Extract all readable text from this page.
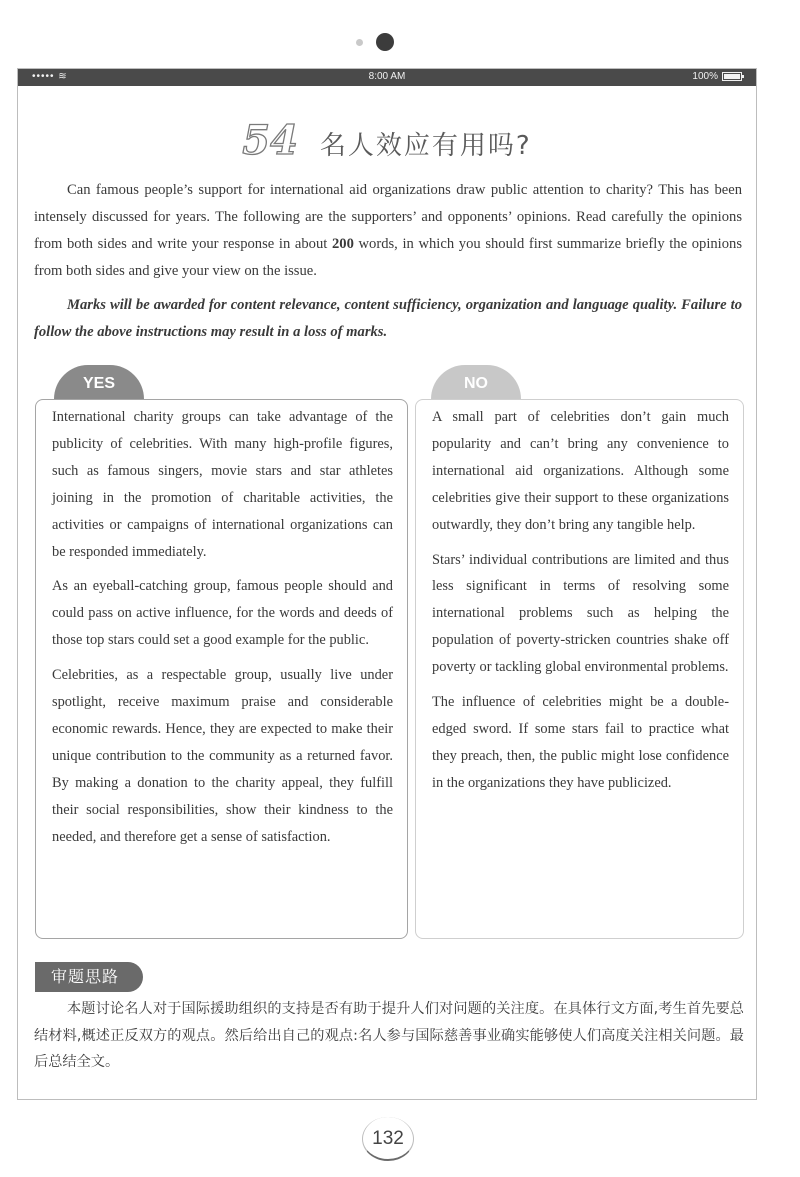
••••• ≋	8:00 AM	100%
54 名人效应有用吗?

Can famous people’s support for international aid organizations draw public attention to charity? This has been intensely discussed for years. The following are the supporters’ and opponents’ opinions. Read carefully the opinions from both sides and write your response in about 200 words, in which you should first summarize briefly the opinions from both sides and give your view on the issue.

Marks will be awarded for content relevance, content sufficiency, organization and language quality. Failure to follow the above instructions may result in a loss of marks.

YES	NO

International charity groups can take advantage of the publicity of celebrities. With many high-profile figures, such as famous singers, movie stars and star athletes joining in the promotion of charitable activities, the activities or campaigns of international organizations can be responded immediately.

As an eyeball-catching group, famous people should and could pass on active influence, for the words and deeds of those top stars could set a good example for the public.

Celebrities, as a respectable group, usually live under spotlight, receive maximum praise and considerable economic rewards. Hence, they are expected to make their unique contribution to the community as a returned favor. By making a donation to the charity appeal, they fulfill their social responsibilities, show their kindness to the needed, and therefore get a sense of satisfaction.

A small part of celebrities don’t gain much popularity and can’t bring any convenience to international aid organizations. Although some celebrities give their support to these organizations outwardly, they don’t bring any tangible help.

Stars’ individual contributions are limited and thus less significant in terms of resolving some international problems such as helping the population of poverty-stricken countries shake off poverty or tackling global environmental problems.

The influence of celebrities might be a double-edged sword. If some stars fail to practice what they preach, then, the public might lose confidence in the organizations they have publicized.

审题思路

本题讨论名人对于国际援助组织的支持是否有助于提升人们对问题的关注度。在具体行文方面,考生首先要总结材料,概述正反双方的观点。然后给出自己的观点:名人参与国际慈善事业确实能够使人们高度关注相关问题。最后总结全文。

132
